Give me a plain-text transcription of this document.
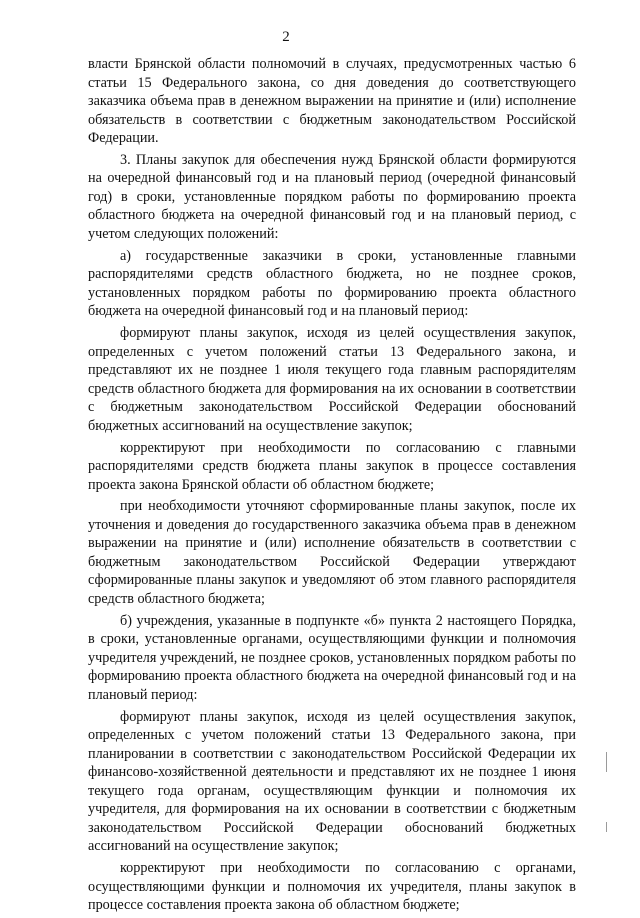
2

власти Брянской области полномочий в случаях, предусмотренных частью 6 статьи 15 Федерального закона, со дня доведения до соответствующего заказчика объема прав в денежном выражении на принятие и (или) исполнение обязательств в соответствии с бюджетным законодательством Российской Федерации.

3. Планы закупок для обеспечения нужд Брянской области формируются на очередной финансовый год и на плановый период (очередной финансовый год) в сроки, установленные порядком работы по формированию проекта областного бюджета на очередной финансовый год и на плановый период, с учетом следующих положений:

а) государственные заказчики в сроки, установленные главными распорядителями средств областного бюджета, но не позднее сроков, установленных порядком работы по формированию проекта областного бюджета на очередной финансовый год и на плановый период:

формируют планы закупок, исходя из целей осуществления закупок, определенных с учетом положений статьи 13 Федерального закона, и представляют их не позднее 1 июля текущего года главным распорядителям средств областного бюджета для формирования на их основании в соответствии с бюджетным законодательством Российской Федерации обоснований бюджетных ассигнований на осуществление закупок;

корректируют при необходимости по согласованию с главными распорядителями средств бюджета планы закупок в процессе составления проекта закона Брянской области об областном бюджете;

при необходимости уточняют сформированные планы закупок, после их уточнения и доведения до государственного заказчика объема прав в денежном выражении на принятие и (или) исполнение обязательств в соответствии с бюджетным законодательством Российской Федерации утверждают сформированные планы закупок и уведомляют об этом главного распорядителя средств областного бюджета;

б) учреждения, указанные в подпункте «б» пункта 2 настоящего Порядка, в сроки, установленные органами, осуществляющими функции и полномочия учредителя учреждений, не позднее сроков, установленных порядком работы по формированию проекта областного бюджета на очередной финансовый год и на плановый период:

формируют планы закупок, исходя из целей осуществления закупок, определенных с учетом положений статьи 13 Федерального закона, при планировании в соответствии с законодательством Российской Федерации их финансово-хозяйственной деятельности и представляют их не позднее 1 июня текущего года органам, осуществляющим функции и полномочия их учредителя, для формирования на их основании в соответствии с бюджетным законодательством Российской Федерации обоснований бюджетных ассигнований на осуществление закупок;

корректируют при необходимости по согласованию с органами, осуществляющими функции и полномочия их учредителя, планы закупок в процессе составления проекта закона об областном бюджете;
